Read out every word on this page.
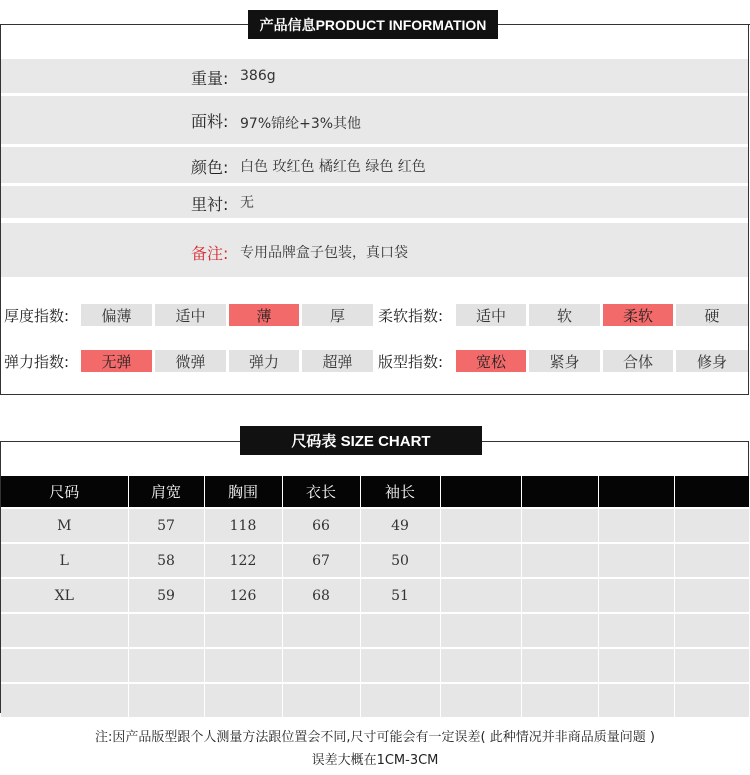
产品信息PRODUCT INFORMATION
重量: 386g
面料: 97%锦纶+3%其他
颜色: 白色 玫红色 橘红色 绿色 红色
里衬: 无
备注: 专用品牌盒子包装，真口袋
厚度指数:	偏薄	适中	薄	厚	柔软指数:	适中	软	柔软	硬
弹力指数:	无弹	微弹	弹力	超弹	版型指数:	宽松	紧身	合体	修身
尺码表 SIZE CHART
尺码	肩宽	胸围	衣长	袖长				
M	57	118	66	49				
L	58	122	67	50				
XL	59	126	68	51				

注:因产品版型跟个人测量方法跟位置会不同,尺寸可能会有一定误差( 此种情况并非商品质量问题 )
误差大概在1CM-3CM
